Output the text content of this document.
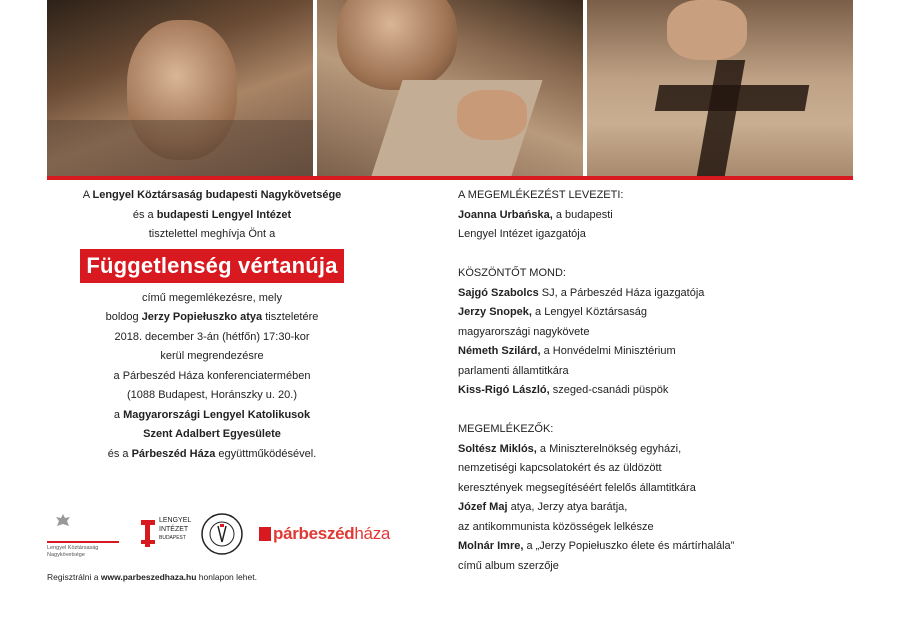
A Lengyel Köztársaság budapesti Nagykövetsége
és a budapesti Lengyel Intézet
tisztelettel meghívja Önt a
Függetlenség vértanúja
című megemlékezésre, mely
boldog Jerzy Popiełuszko atya tiszteletére
2018. december 3-án (hétfőn) 17:30-kor
kerül megrendezésre
a Párbeszéd Háza konferenciatermében
(1088 Budapest, Horánszky u. 20.)
a Magyarországi Lengyel Katolikusok
Szent Adalbert Egyesülete
és a Párbeszéd Háza együttműködésével.
A MEGEMLÉKEZÉST LEVEZETI:
Joanna Urbańska, a budapesti
Lengyel Intézet igazgatója
KÖSZÖNTŐT MOND:
Sajgó Szabolcs SJ, a Párbeszéd Háza igazgatója
Jerzy Snopek, a Lengyel Köztársaság
magyarországi nagykövete
Németh Szilárd, a Honvédelmi Minisztérium
parlamenti államtitkára
Kiss-Rigó László, szeged-csanádi püspök
MEGEMLÉKEZŐK:
Soltész Miklós, a Miniszterelnökség egyházi,
nemzetiségi kapcsolatokért és az üldözött
keresztények megsegítéséért felelős államtitkára
Józef Maj atya, Jerzy atya barátja,
az antikommunista közösségek lelkésze
Molnár Imre, a „Jerzy Popiełuszko élete és mártírhalála”
című album szerzője
Lengyel Köztársaság
Nagykövetsége
LENGYEL
INTÉZET
BUDAPEST	párbeszédháza
Regisztrálni a www.parbeszedhaza.hu honlapon lehet.
